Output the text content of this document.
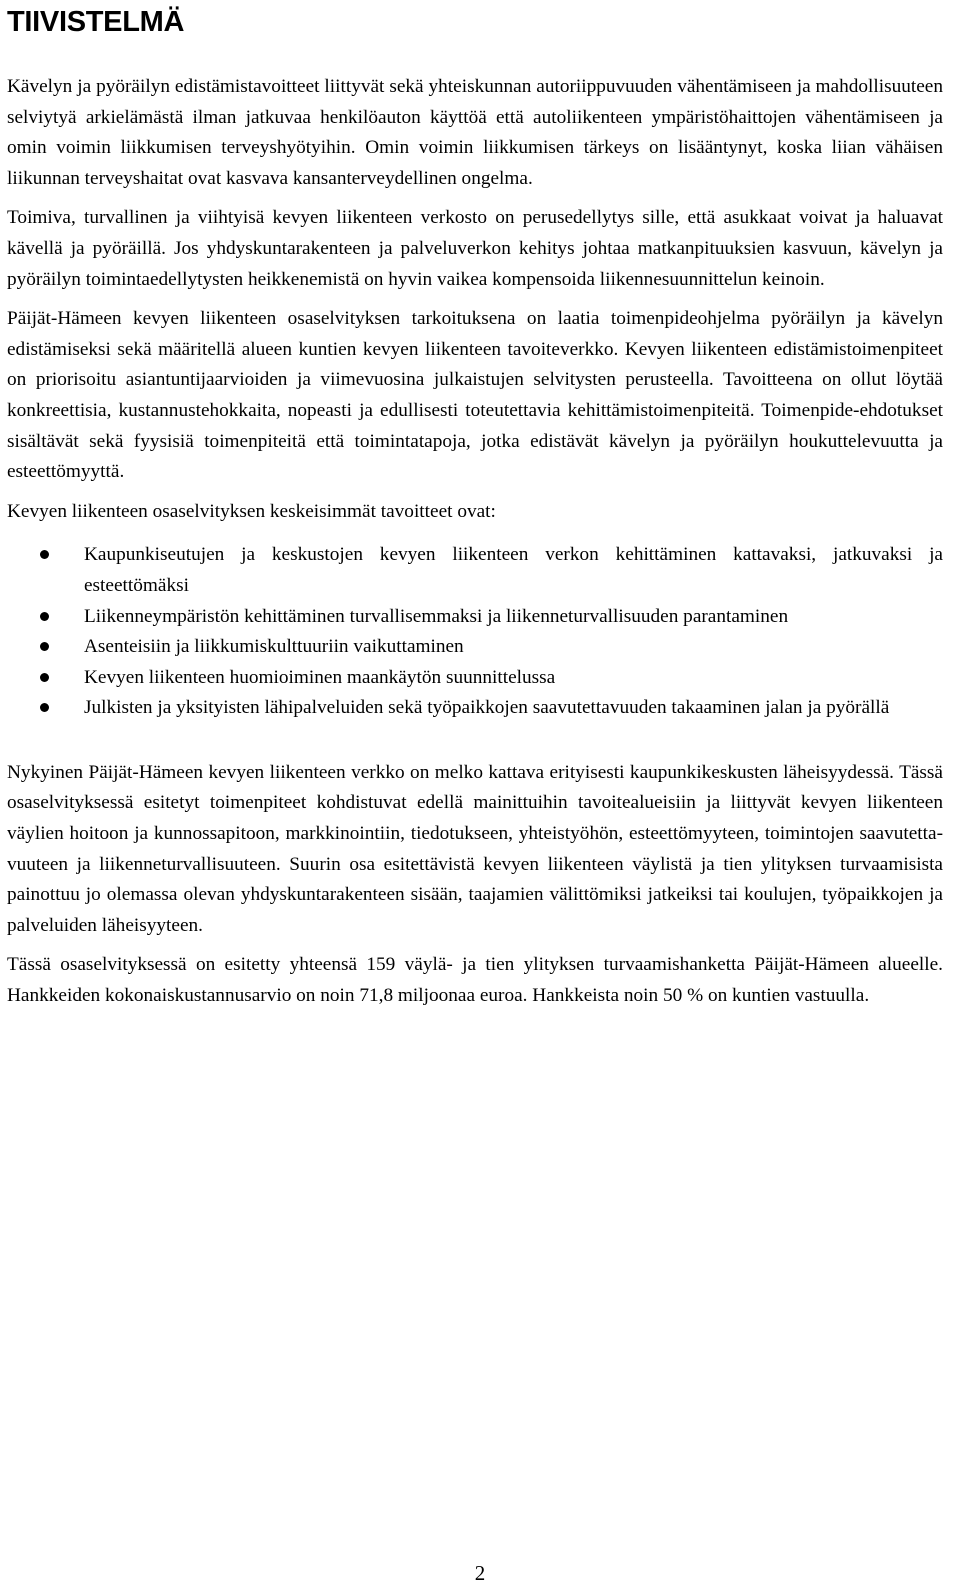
TIIVISTELMÄ

Kävelyn ja pyöräilyn edistämistavoitteet liittyvät sekä yhteiskunnan autoriippuvuuden vähentämiseen ja mahdollisuuteen selviytyä arkielämästä ilman jatkuvaa henkilöauton käyttöä että autoliikenteen ympäristöhaittojen vähentämiseen ja omin voimin liikkumisen terveyshyötyihin. Omin voimin liikkumisen tärkeys on lisääntynyt, koska liian vähäisen liikunnan terveyshaitat ovat kasvava kansanterveydellinen ongelma.

Toimiva, turvallinen ja viihtyisä kevyen liikenteen verkosto on perusedellytys sille, että asukkaat voivat ja haluavat kävellä ja pyöräillä. Jos yhdyskuntarakenteen ja palveluverkon kehitys johtaa matkanpituuksien kasvuun, kävelyn ja pyöräilyn toimintaedellytysten heikkenemistä on hyvin vaikea kompensoida liikennesuunnittelun keinoin.

Päijät-Hämeen kevyen liikenteen osaselvityksen tarkoituksena on laatia toimenpideohjelma pyöräilyn ja kävelyn edistämiseksi sekä määritellä alueen kuntien kevyen liikenteen tavoiteverkko. Kevyen liikenteen edistämistoimenpiteet on priorisoitu asiantuntijaarvioiden ja viimevuosina julkaistujen selvitysten perusteella. Tavoitteena on ollut löytää konkreettisia, kustannustehokkaita, nopeasti ja edullisesti toteutettavia kehittämistoimenpiteitä. Toimenpide-ehdotukset sisältävät sekä fyysisiä toimenpiteitä että toimintatapoja, jotka edistävät kävelyn ja pyöräilyn houkuttelevuutta ja esteettömyyttä.

Kevyen liikenteen osaselvityksen keskeisimmät tavoitteet ovat:

Kaupunkiseutujen ja keskustojen kevyen liikenteen verkon kehittäminen kattavaksi, jatkuvaksi ja esteettömäksi
Liikenneympäristön kehittäminen turvallisemmaksi ja liikenneturvallisuuden parantaminen
Asenteisiin ja liikkumiskulttuuriin vaikuttaminen
Kevyen liikenteen huomioiminen maankäytön suunnittelussa
Julkisten ja yksityisten lähipalveluiden sekä työpaikkojen saavutettavuuden takaaminen jalan ja pyörällä

Nykyinen Päijät-Hämeen kevyen liikenteen verkko on melko kattava erityisesti kaupunkikeskusten läheisyydessä. Tässä osaselvityksessä esitetyt toimenpiteet kohdistuvat edellä mainittuihin tavoitealueisiin ja liittyvät kevyen liikenteen väylien hoitoon ja kunnossapitoon, markkinointiin, tiedotukseen, yhteistyöhön, esteettömyyteen, toimintojen saavutettavuuteen ja liikenneturvallisuuteen. Suurin osa esitettävistä kevyen liikenteen väylistä ja tien ylityksen turvaamisista painottuu jo olemassa olevan yhdyskuntarakenteen sisään, taajamien välittömiksi jatkeiksi tai koulujen, työpaikkojen ja palveluiden läheisyyteen.

Tässä osaselvityksessä on esitetty yhteensä 159 väylä- ja tien ylityksen turvaamishanketta Päijät-Hämeen alueelle. Hankkeiden kokonaiskustannusarvio on noin 71,8 miljoonaa euroa. Hankkeista noin 50 % on kuntien vastuulla.

2
